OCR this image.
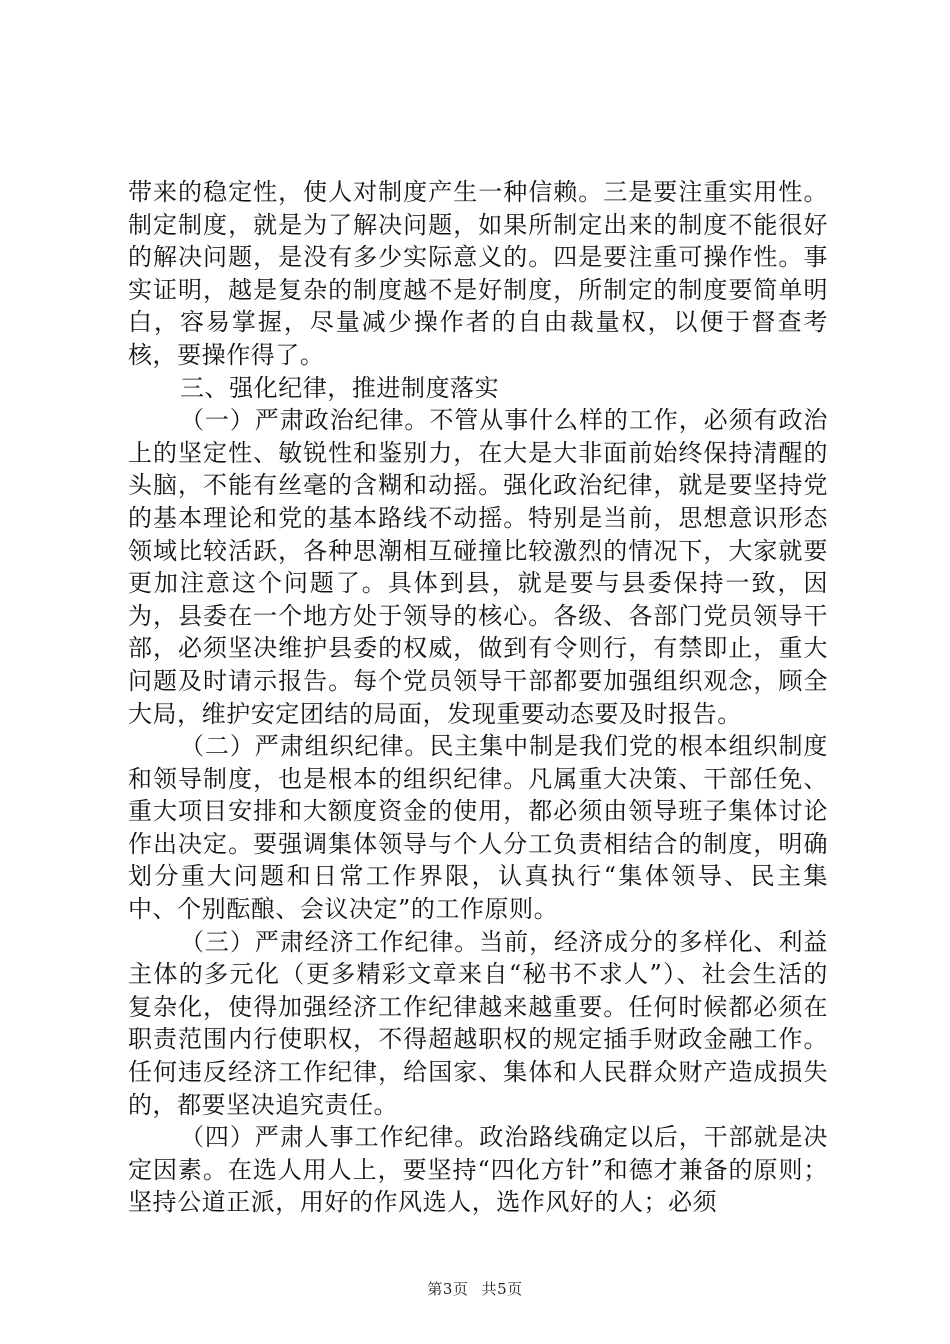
带来的稳定性，使人对制度产生一种信赖。三是要注重实用性。制定制度，就是为了解决问题，如果所制定出来的制度不能很好的解决问题，是没有多少实际意义的。四是要注重可操作性。事实证明，越是复杂的制度越不是好制度，所制定的制度要简单明白，容易掌握，尽量减少操作者的自由裁量权，以便于督查考核，要操作得了。

三、强化纪律，推进制度落实

（一）严肃政治纪律。不管从事什么样的工作，必须有政治上的坚定性、敏锐性和鉴别力，在大是大非面前始终保持清醒的头脑，不能有丝毫的含糊和动摇。强化政治纪律，就是要坚持党的基本理论和党的基本路线不动摇。特别是当前，思想意识形态领域比较活跃，各种思潮相互碰撞比较激烈的情况下，大家就要更加注意这个问题了。具体到县，就是要与县委保持一致，因为，县委在一个地方处于领导的核心。各级、各部门党员领导干部，必须坚决维护县委的权威，做到有令则行，有禁即止，重大问题及时请示报告。每个党员领导干部都要加强组织观念，顾全大局，维护安定团结的局面，发现重要动态要及时报告。

（二）严肃组织纪律。民主集中制是我们党的根本组织制度和领导制度，也是根本的组织纪律。凡属重大决策、干部任免、重大项目安排和大额度资金的使用，都必须由领导班子集体讨论作出决定。要强调集体领导与个人分工负责相结合的制度，明确划分重大问题和日常工作界限，认真执行“集体领导、民主集中、个别酝酿、会议决定”的工作原则。

（三）严肃经济工作纪律。当前，经济成分的多样化、利益主体的多元化（更多精彩文章来自“秘书不求人”）、社会生活的复杂化，使得加强经济工作纪律越来越重要。任何时候都必须在职责范围内行使职权，不得超越职权的规定插手财政金融工作。任何违反经济工作纪律，给国家、集体和人民群众财产造成损失的，都要坚决追究责任。

（四）严肃人事工作纪律。政治路线确定以后，干部就是决定因素。在选人用人上，要坚持“四化方针”和德才兼备的原则；坚持公道正派，用好的作风选人，选作风好的人；必须

第3页 共5页
